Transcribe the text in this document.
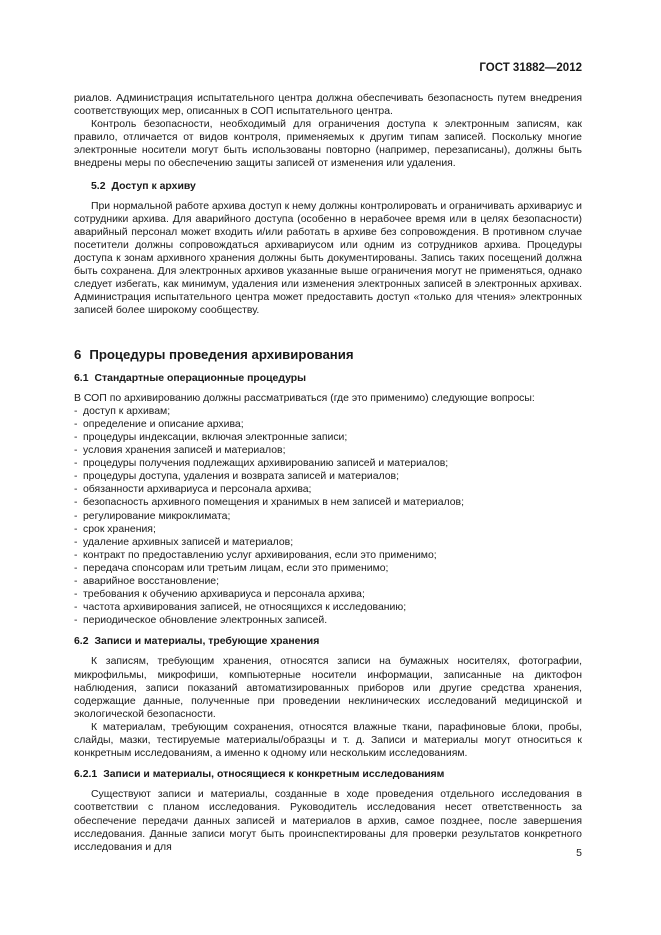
ГОСТ 31882—2012

риалов. Администрация испытательного центра должна обеспечивать безопасность путем внедрения соответствующих мер, описанных в СОП испытательного центра.

Контроль безопасности, необходимый для ограничения доступа к электронным записям, как правило, отличается от видов контроля, применяемых к другим типам записей. Поскольку многие электронные носители могут быть использованы повторно (например, перезаписаны), должны быть внедрены меры по обеспечению защиты записей от изменения или удаления.

5.2 Доступ к архиву

При нормальной работе архива доступ к нему должны контролировать и ограничивать архивариус и сотрудники архива. Для аварийного доступа (особенно в нерабочее время или в целях безопасности) аварийный персонал может входить и/или работать в архиве без сопровождения. В противном случае посетители должны сопровождаться архивариусом или одним из сотрудников архива. Процедуры доступа к зонам архивного хранения должны быть документированы. Запись таких посещений должна быть сохранена. Для электронных архивов указанные выше ограничения могут не применяться, однако следует избегать, как минимум, удаления или изменения электронных записей в электронных архивах. Администрация испытательного центра может предоставить доступ «только для чтения» электронных записей более широкому сообществу.

6 Процедуры проведения архивирования
6.1 Стандартные операционные процедуры

В СОП по архивированию должны рассматриваться (где это применимо) следующие вопросы:

- доступ к архивам;
- определение и описание архива;
- процедуры индексации, включая электронные записи;
- условия хранения записей и материалов;
- процедуры получения подлежащих архивированию записей и материалов;
- процедуры доступа, удаления и возврата записей и материалов;
- обязанности архивариуса и персонала архива;
- безопасность архивного помещения и хранимых в нем записей и материалов;
- регулирование микроклимата;
- срок хранения;
- удаление архивных записей и материалов;
- контракт по предоставлению услуг архивирования, если это применимо;
- передача спонсорам или третьим лицам, если это применимо;
- аварийное восстановление;
- требования к обучению архивариуса и персонала архива;
- частота архивирования записей, не относящихся к исследованию;
- периодическое обновление электронных записей.
6.2 Записи и материалы, требующие хранения

К записям, требующим хранения, относятся записи на бумажных носителях, фотографии, микрофильмы, микрофиши, компьютерные носители информации, записанные на диктофон наблюдения, записи показаний автоматизированных приборов или другие средства хранения, содержащие данные, полученные при проведении неклинических исследований медицинской и экологической безопасности.

К материалам, требующим сохранения, относятся влажные ткани, парафиновые блоки, пробы, слайды, мазки, тестируемые материалы/образцы и т. д. Записи и материалы могут относиться к конкретным исследованиям, а именно к одному или нескольким исследованиям.

6.2.1 Записи и материалы, относящиеся к конкретным исследованиям

Существуют записи и материалы, созданные в ходе проведения отдельного исследования в соответствии с планом исследования. Руководитель исследования несет ответственность за обеспечение передачи данных записей и материалов в архив, самое позднее, после завершения исследования. Данные записи могут быть проинспектированы для проверки результатов конкретного исследования и для	5
